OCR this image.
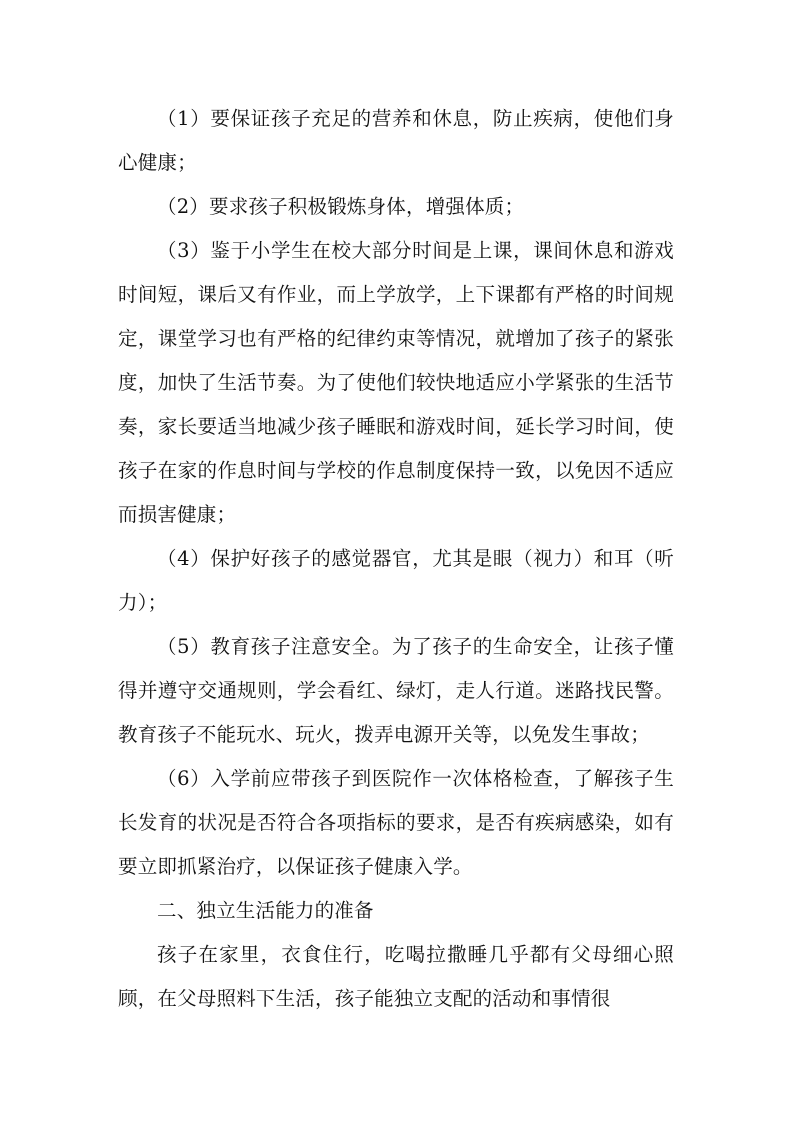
（1）要保证孩子充足的营养和休息，防止疾病，使他们身心健康；

（2）要求孩子积极锻炼身体，增强体质；

（3）鉴于小学生在校大部分时间是上课，课间休息和游戏时间短，课后又有作业，而上学放学，上下课都有严格的时间规定，课堂学习也有严格的纪律约束等情况，就增加了孩子的紧张度，加快了生活节奏。为了使他们较快地适应小学紧张的生活节奏，家长要适当地减少孩子睡眠和游戏时间，延长学习时间，使孩子在家的作息时间与学校的作息制度保持一致，以免因不适应而损害健康；

（4）保护好孩子的感觉器官，尤其是眼（视力）和耳（听力）；

（5）教育孩子注意安全。为了孩子的生命安全，让孩子懂得并遵守交通规则，学会看红、绿灯，走人行道。迷路找民警。教育孩子不能玩水、玩火，拨弄电源开关等，以免发生事故；

（6）入学前应带孩子到医院作一次体格检查，了解孩子生长发育的状况是否符合各项指标的要求，是否有疾病感染，如有要立即抓紧治疗，以保证孩子健康入学。

二、独立生活能力的准备

孩子在家里，衣食住行，吃喝拉撒睡几乎都有父母细心照顾，在父母照料下生活，孩子能独立支配的活动和事情很
